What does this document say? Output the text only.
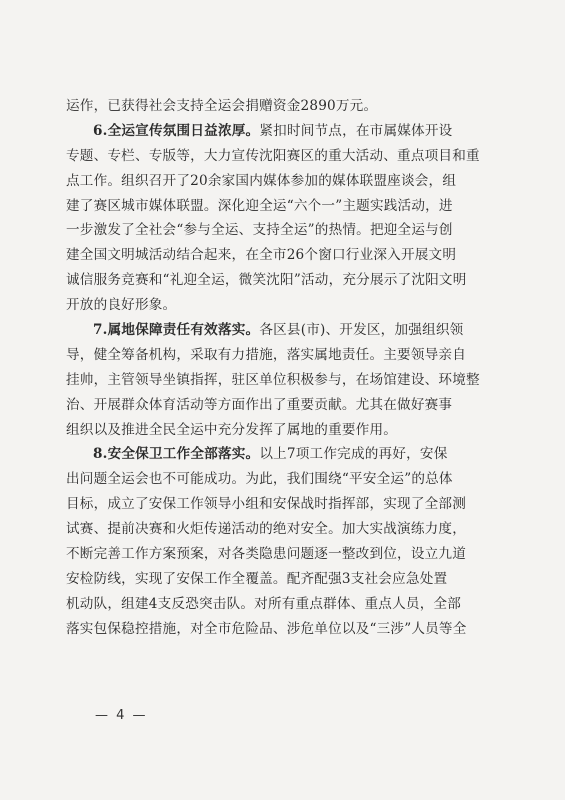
运作，已获得社会支持全运会捐赠资金2890万元。
6.全运宣传氛围日益浓厚。紧扣时间节点，在市属媒体开设
专题、专栏、专版等，大力宣传沈阳赛区的重大活动、重点项目和重
点工作。组织召开了20余家国内媒体参加的媒体联盟座谈会，组
建了赛区城市媒体联盟。深化迎全运“六个一”主题实践活动，进
一步激发了全社会“参与全运、支持全运”的热情。把迎全运与创
建全国文明城活动结合起来，在全市26个窗口行业深入开展文明
诚信服务竞赛和“礼迎全运，微笑沈阳”活动，充分展示了沈阳文明
开放的良好形象。
7.属地保障责任有效落实。各区县(市)、开发区，加强组织领
导，健全筹备机构，采取有力措施，落实属地责任。主要领导亲自
挂帅，主管领导坐镇指挥，驻区单位积极参与，在场馆建设、环境整
治、开展群众体育活动等方面作出了重要贡献。尤其在做好赛事
组织以及推进全民全运中充分发挥了属地的重要作用。
8.安全保卫工作全部落实。以上7项工作完成的再好，安保
出问题全运会也不可能成功。为此，我们围绕“平安全运”的总体
目标，成立了安保工作领导小组和安保战时指挥部，实现了全部测
试赛、提前决赛和火炬传递活动的绝对安全。加大实战演练力度，
不断完善工作方案预案，对各类隐患问题逐一整改到位，设立九道
安检防线，实现了安保工作全覆盖。配齐配强3支社会应急处置
机动队，组建4支反恐突击队。对所有重点群体、重点人员，全部
落实包保稳控措施，对全市危险品、涉危单位以及“三涉”人员等全
— 4 —
